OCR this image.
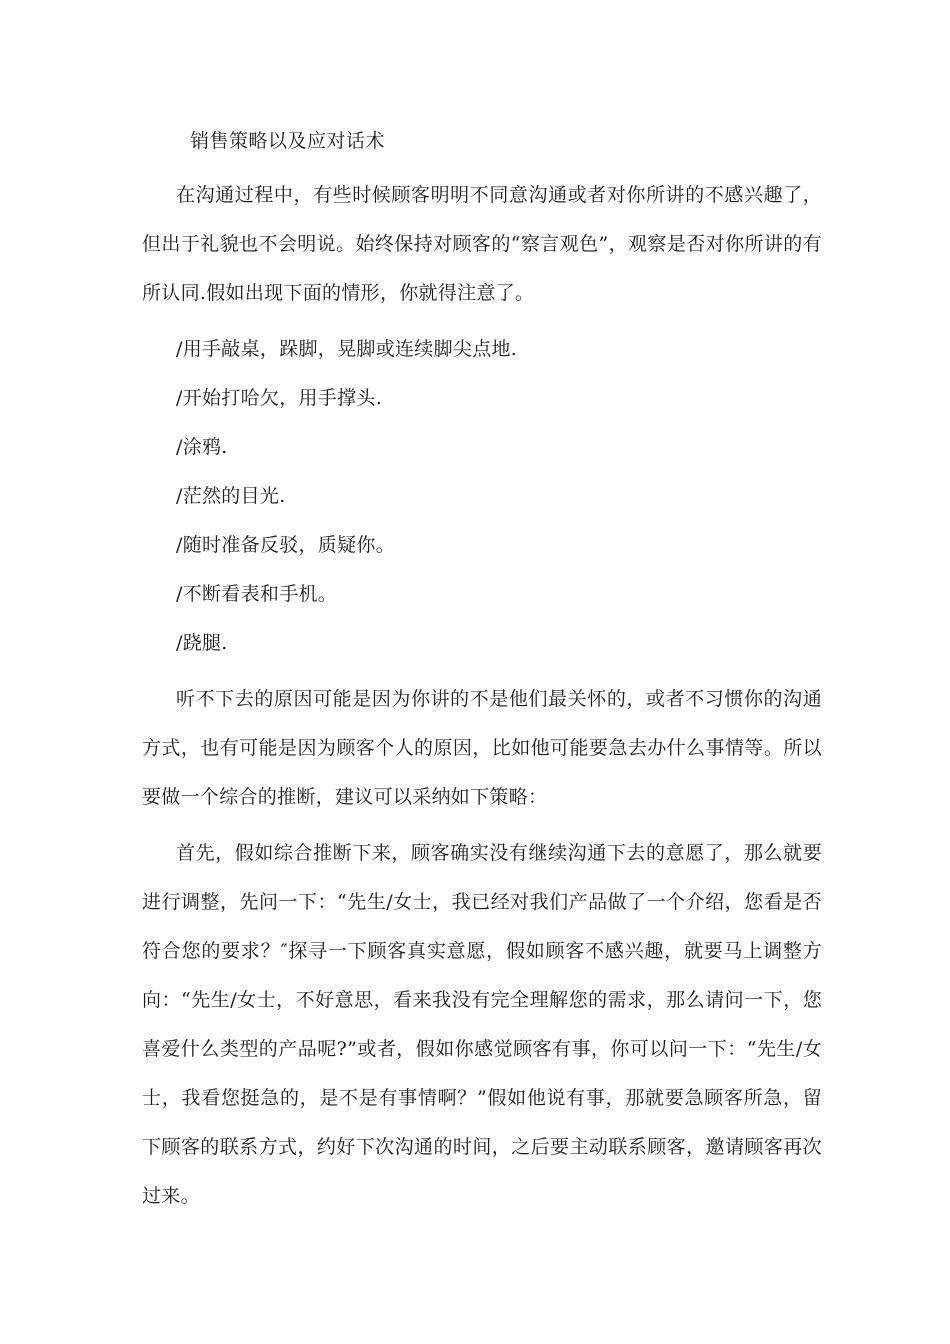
销售策略以及应对话术

在沟通过程中，有些时候顾客明明不同意沟通或者对你所讲的不感兴趣了，但出于礼貌也不会明说。始终保持对顾客的“察言观色”，观察是否对你所讲的有所认同.假如出现下面的情形，你就得注意了。

/用手敲桌，跺脚，晃脚或连续脚尖点地.

/开始打哈欠，用手撑头.

/涂鸦.

/茫然的目光.

/随时准备反驳，质疑你。

/不断看表和手机。

/跷腿.

听不下去的原因可能是因为你讲的不是他们最关怀的，或者不习惯你的沟通方式，也有可能是因为顾客个人的原因，比如他可能要急去办什么事情等。所以要做一个综合的推断，建议可以采纳如下策略：

首先，假如综合推断下来，顾客确实没有继续沟通下去的意愿了，那么就要进行调整，先问一下：“先生/女士，我已经对我们产品做了一个介绍，您看是否符合您的要求？″探寻一下顾客真实意愿，假如顾客不感兴趣，就要马上调整方向：“先生/女士，不好意思，看来我没有完全理解您的需求，那么请问一下，您喜爱什么类型的产品呢?”或者，假如你感觉顾客有事，你可以问一下：“先生/女士，我看您挺急的，是不是有事情啊？”假如他说有事，那就要急顾客所急，留下顾客的联系方式，约好下次沟通的时间，之后要主动联系顾客，邀请顾客再次过来。
